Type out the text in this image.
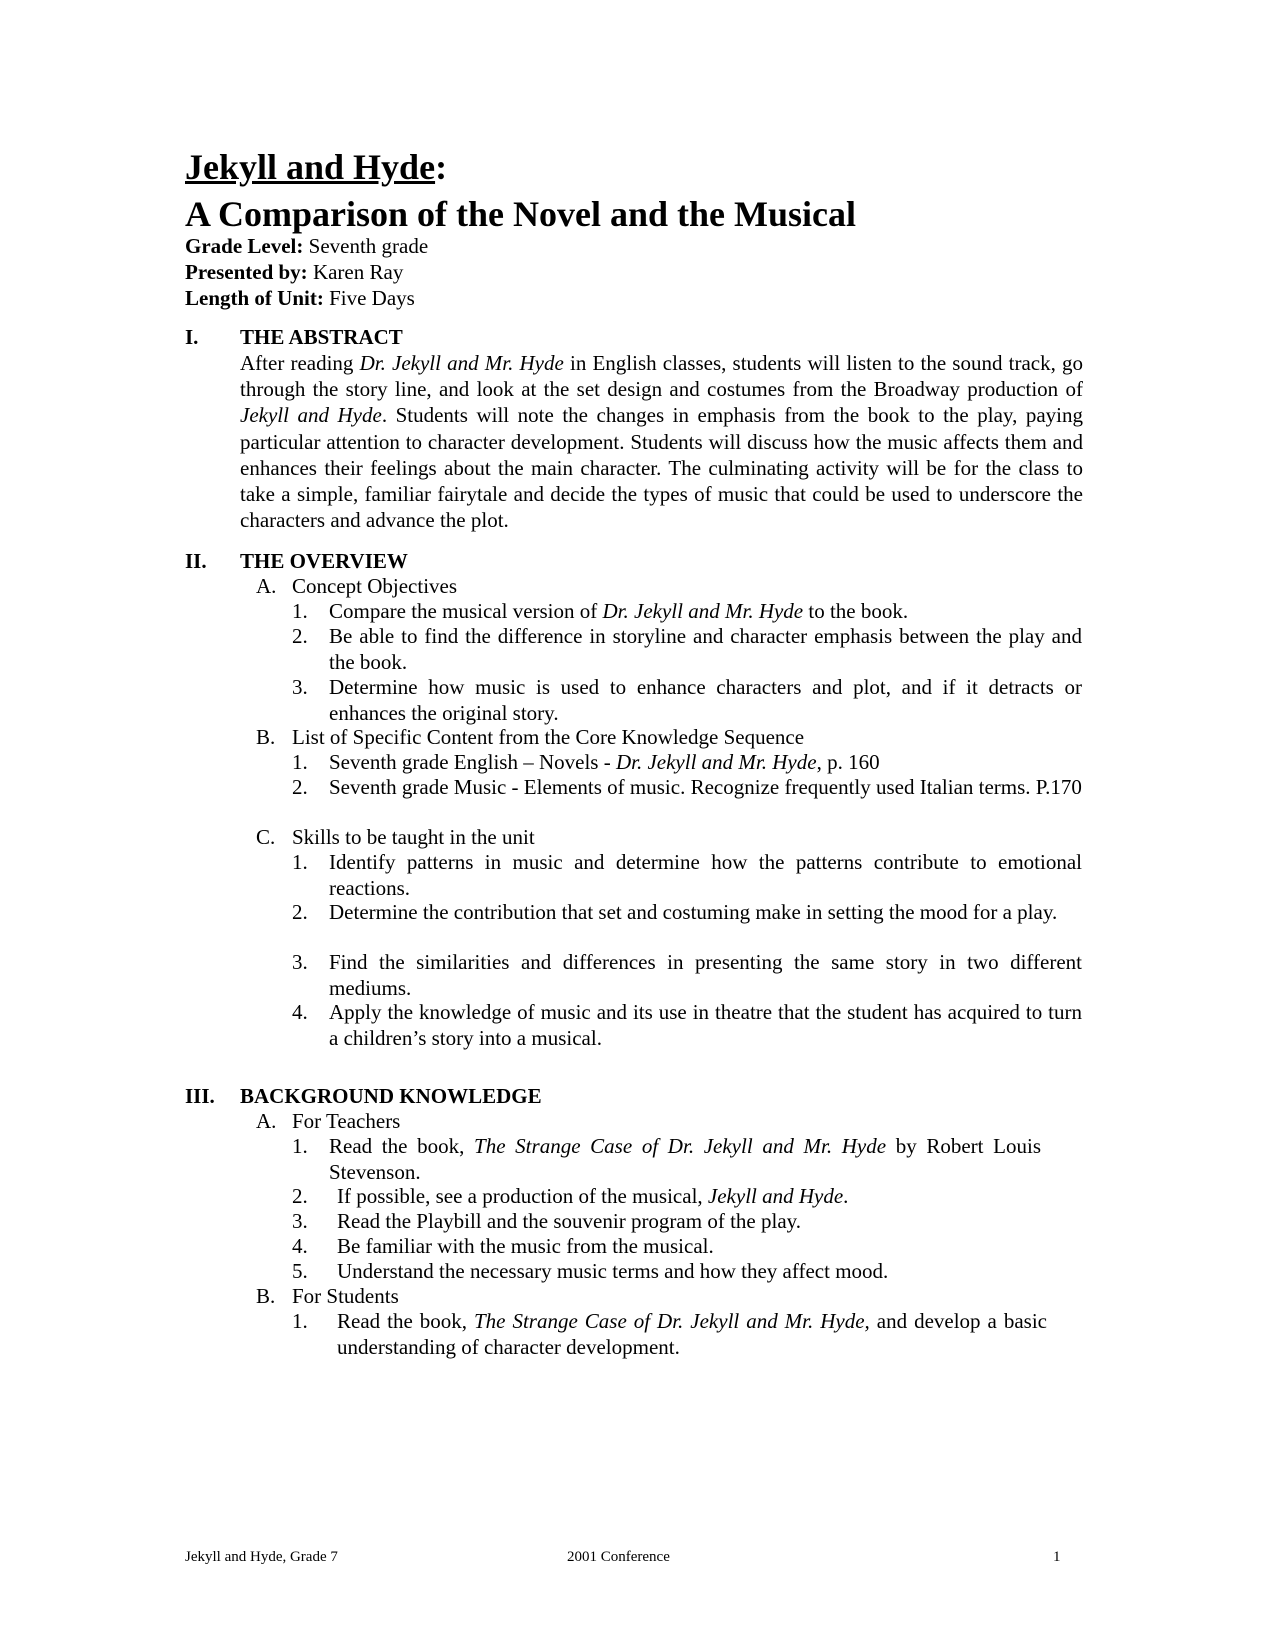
Jekyll and Hyde:
A Comparison of the Novel and the Musical
Grade Level: Seventh grade
Presented by: Karen Ray
Length of Unit: Five Days
I. THE ABSTRACT
After reading Dr. Jekyll and Mr. Hyde in English classes, students will listen to the sound track, go through the story line, and look at the set design and costumes from the Broadway production of Jekyll and Hyde. Students will note the changes in emphasis from the book to the play, paying particular attention to character development. Students will discuss how the music affects them and enhances their feelings about the main character. The culminating activity will be for the class to take a simple, familiar fairytale and decide the types of music that could be used to underscore the characters and advance the plot.
II. THE OVERVIEW
A. Concept Objectives
1. Compare the musical version of Dr. Jekyll and Mr. Hyde to the book.
2. Be able to find the difference in storyline and character emphasis between the play and the book.
3. Determine how music is used to enhance characters and plot, and if it detracts or enhances the original story.
B. List of Specific Content from the Core Knowledge Sequence
1. Seventh grade English – Novels - Dr. Jekyll and Mr. Hyde, p. 160
2. Seventh grade Music - Elements of music. Recognize frequently used Italian terms. P.170
C. Skills to be taught in the unit
1. Identify patterns in music and determine how the patterns contribute to emotional reactions.
2. Determine the contribution that set and costuming make in setting the mood for a play.
3. Find the similarities and differences in presenting the same story in two different mediums.
4. Apply the knowledge of music and its use in theatre that the student has acquired to turn a children’s story into a musical.
III. BACKGROUND KNOWLEDGE
A. For Teachers
1. Read the book, The Strange Case of Dr. Jekyll and Mr. Hyde by Robert Louis Stevenson.
2. If possible, see a production of the musical, Jekyll and Hyde.
3. Read the Playbill and the souvenir program of the play.
4. Be familiar with the music from the musical.
5. Understand the necessary music terms and how they affect mood.
B. For Students
1. Read the book, The Strange Case of Dr. Jekyll and Mr. Hyde, and develop a basic understanding of character development.
Jekyll and Hyde, Grade 7	2001 Conference	1
